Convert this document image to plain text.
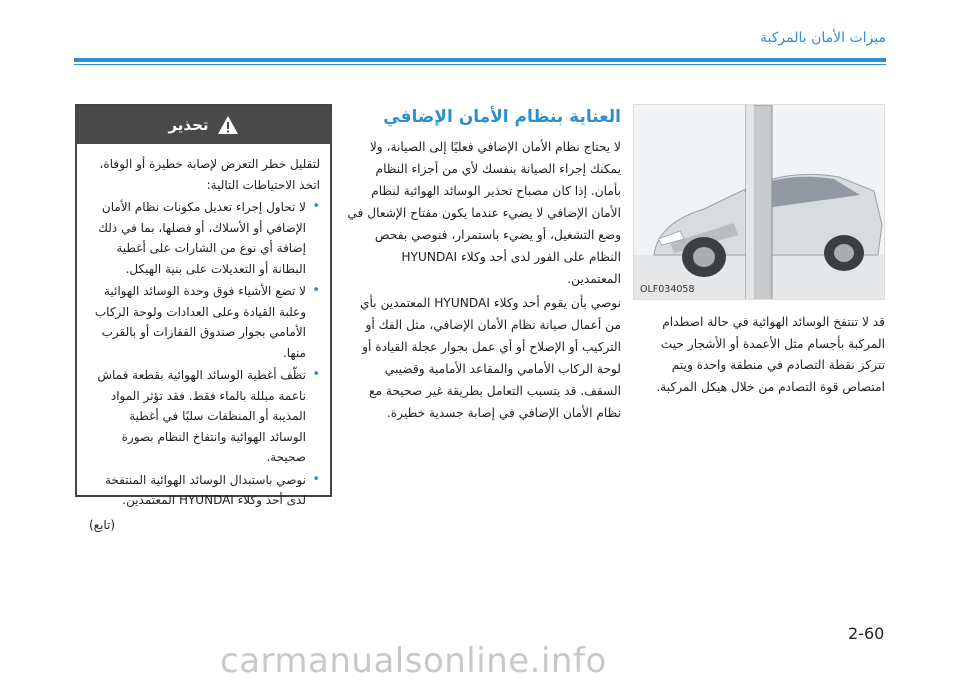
ميزات الأمان بالمركبة
تحذير

لتقليل خطر التعرض لإصابة خطيرة أو الوفاة، اتخذ الاحتياطات التالية:

• لا تحاول إجراء تعديل مكونات نظام الأمان الإضافي أو الأسلاك، أو فصلها، بما في ذلك إضافة أي نوع من الشارات على أغطية البطانة أو التعديلات على بنية الهيكل.
• لا تضع الأشياء فوق وحدة الوسائد الهوائية وعلبة القيادة وعلى العدادات ولوحة الركاب الأمامي بجوار صندوق القفازات أو بالقرب منها.
• نظّف أغطية الوسائد الهوائية بقطعة قماش ناعمة مبللة بالماء فقط. فقد تؤثر المواد المذيبة أو المنظفات سلبًا في أغطية الوسائد الهوائية وانتفاخ النظام بصورة صحيحة.
• نوصي باستبدال الوسائد الهوائية المنتفخة لدى أحد وكلاء HYUNDAI المعتمدين.
(تابع)
العناية بنظام الأمان الإضافي

لا يحتاج نظام الأمان الإضافي فعليًا إلى الصيانة، ولا يمكنك إجراء الصيانة بنفسك لأي من أجزاء النظام بأمان. إذا كان مصباح تحذير الوسائد الهوائية لنظام الأمان الإضافي لا يضيء عندما يكون مفتاح الإشعال في وضع التشغيل، أو يضيء باستمرار، فنوصي بفحص النظام على الفور لدى أحد وكلاء HYUNDAI المعتمدين.

نوصي بأن يقوم أحد وكلاء HYUNDAI المعتمدين بأي من أعمال صيانة نظام الأمان الإضافي، مثل الفك أو التركيب أو الإصلاح أو أي عمل بجوار عجلة القيادة أو لوحة الركاب الأمامي والمقاعد الأمامية وقضيبي السقف. قد يتسبب التعامل بطريقة غير صحيحة مع نظام الأمان الإضافي في إصابة جسدية خطيرة.

OLF034058

قد لا تنتفخ الوسائد الهوائية في حالة اصطدام المركبة بأجسام مثل الأعمدة أو الأشجار حيث تتركز نقطة التصادم في منطقة واحدة ويتم امتصاص قوة التصادم من خلال هيكل المركبة.

2-60
carmanualsonline.info
